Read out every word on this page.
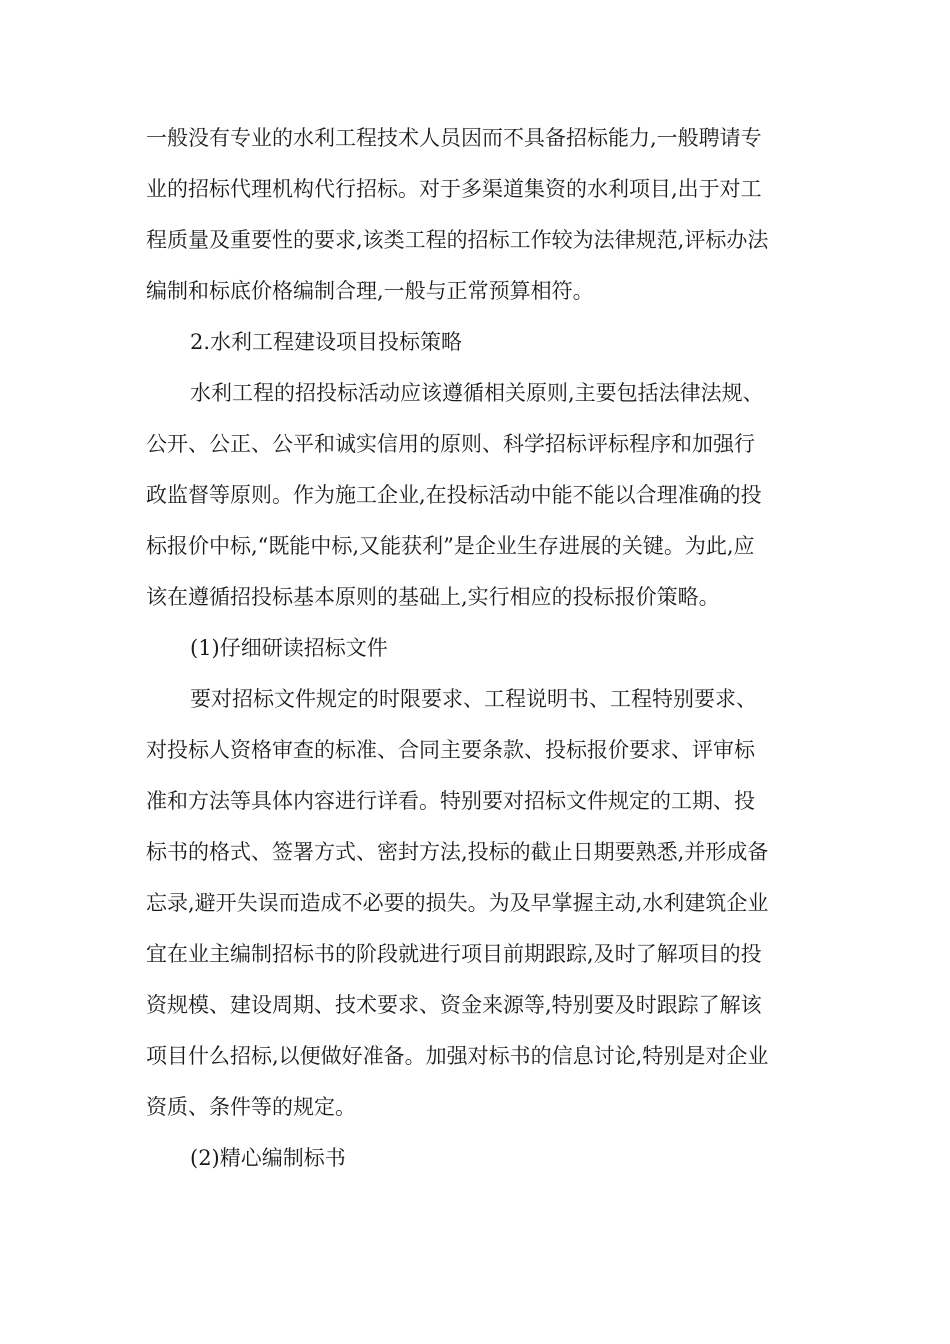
一般没有专业的水利工程技术人员因而不具备招标能力,一般聘请专
业的招标代理机构代行招标。对于多渠道集资的水利项目,出于对工
程质量及重要性的要求,该类工程的招标工作较为法律规范,评标办法
编制和标底价格编制合理,一般与正常预算相符。
2.水利工程建设项目投标策略
水利工程的招投标活动应该遵循相关原则,主要包括法律法规、
公开、公正、公平和诚实信用的原则、科学招标评标程序和加强行
政监督等原则。作为施工企业,在投标活动中能不能以合理准确的投
标报价中标,“既能中标,又能获利”是企业生存进展的关键。为此,应
该在遵循招投标基本原则的基础上,实行相应的投标报价策略。
(1)仔细研读招标文件
要对招标文件规定的时限要求、工程说明书、工程特别要求、
对投标人资格审查的标准、合同主要条款、投标报价要求、评审标
准和方法等具体内容进行详看。特别要对招标文件规定的工期、投
标书的格式、签署方式、密封方法,投标的截止日期要熟悉,并形成备
忘录,避开失误而造成不必要的损失。为及早掌握主动,水利建筑企业
宜在业主编制招标书的阶段就进行项目前期跟踪,及时了解项目的投
资规模、建设周期、技术要求、资金来源等,特别要及时跟踪了解该
项目什么招标,以便做好准备。加强对标书的信息讨论,特别是对企业
资质、条件等的规定。
(2)精心编制标书
